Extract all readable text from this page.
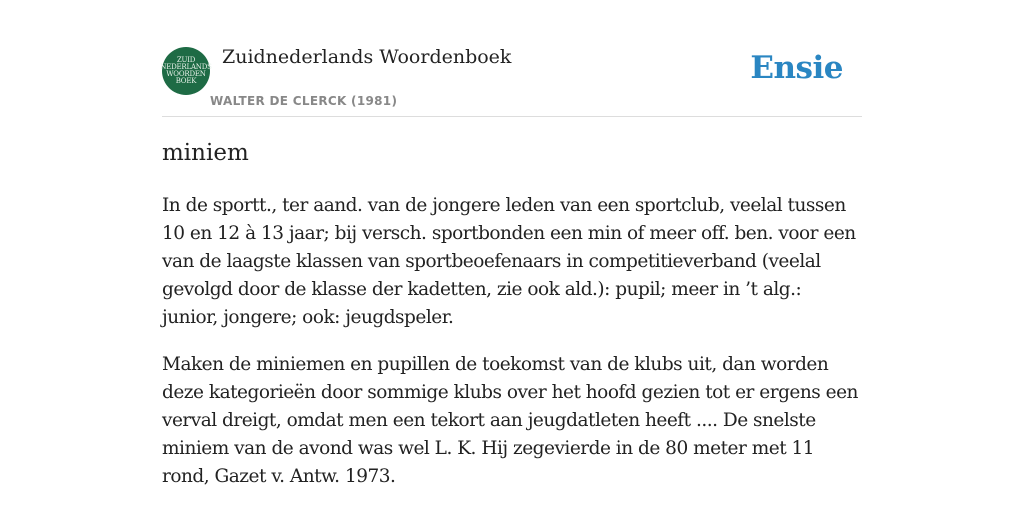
ZUID
NEDERLANDS
WOORDEN
BOEK
Zuidnederlands Woordenboek
WALTER DE CLERCK (1981)
Ensie
miniem

In de sportt., ter aand. van de jongere leden van een sportclub, veelal tussen 10 en 12 à 13 jaar; bij versch. sportbonden een min of meer off. ben. voor een van de laagste klassen van sportbeoefenaars in competitieverband (veelal gevolgd door de klasse der kadetten, zie ook ald.): pupil; meer in ’t alg.: junior, jongere; ook: jeugdspeler.

Maken de miniemen en pupillen de toekomst van de klubs uit, dan worden deze kategorieën door sommige klubs over het hoofd gezien tot er ergens een verval dreigt, omdat men een tekort aan jeugdatleten heeft .... De snelste miniem van de avond was wel L. K. Hij zegevierde in de 80 meter met 11 rond, Gazet v. Antw. 1973.
